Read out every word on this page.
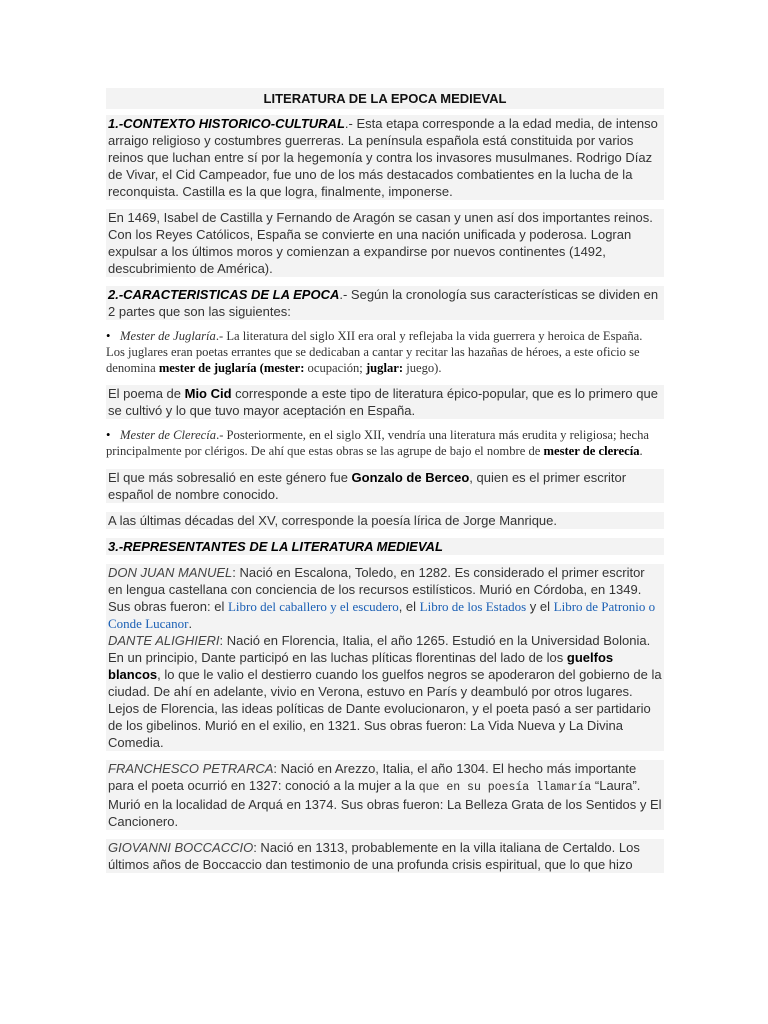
LITERATURA DE LA EPOCA MEDIEVAL
1.-CONTEXTO HISTORICO-CULTURAL.- Esta etapa corresponde a la edad media, de intenso arraigo religioso y costumbres guerreras. La península española está constituida por varios reinos que luchan entre sí por la hegemonía y contra los invasores musulmanes. Rodrigo Díaz de Vivar, el Cid Campeador, fue uno de los más destacados combatientes en la lucha de la reconquista. Castilla es la que logra, finalmente, imponerse.
En 1469, Isabel de Castilla y Fernando de Aragón se casan y unen así dos importantes reinos. Con los Reyes Católicos, España se convierte en una nación unificada y poderosa. Logran expulsar a los últimos moros y comienzan a expandirse por nuevos continentes (1492, descubrimiento de América).
2.-CARACTERISTICAS DE LA EPOCA.- Según la cronología sus características se dividen en 2 partes que son las siguientes:
• Mester de Juglaría.- La literatura del siglo XII era oral y reflejaba la vida guerrera y heroica de España. Los juglares eran poetas errantes que se dedicaban a cantar y recitar las hazañas de héroes, a este oficio se denomina mester de juglaría (mester: ocupación; juglar: juego).
El poema de Mio Cid corresponde a este tipo de literatura épico-popular, que es lo primero que se cultivó y lo que tuvo mayor aceptación en España.
• Mester de Clerecía.- Posteriormente, en el siglo XII, vendría una literatura más erudita y religiosa; hecha principalmente por clérigos. De ahí que estas obras se las agrupe de bajo el nombre de mester de clerecía.
El que más sobresalió en este género fue Gonzalo de Berceo, quien es el primer escritor español de nombre conocido.
A las últimas décadas del XV, corresponde la poesía lírica de Jorge Manrique.
3.-REPRESENTANTES DE LA LITERATURA MEDIEVAL
DON JUAN MANUEL: Nació en Escalona, Toledo, en 1282. Es considerado el primer escritor en lengua castellana con conciencia de los recursos estilísticos. Murió en Córdoba, en 1349. Sus obras fueron: el Libro del caballero y el escudero, el Libro de los Estados y el Libro de Patronio o Conde Lucanor.
DANTE ALIGHIERI: Nació en Florencia, Italia, el año 1265. Estudió en la Universidad Bolonia. En un principio, Dante participó en las luchas plíticas florentinas del lado de los guelfos blancos, lo que le valio el destierro cuando los guelfos negros se apoderaron del gobierno de la ciudad. De ahí en adelante, vivio en Verona, estuvo en París y deambuló por otros lugares. Lejos de Florencia, las ideas políticas de Dante evolucionaron, y el poeta pasó a ser partidario de los gibelinos. Murió en el exilio, en 1321. Sus obras fueron: La Vida Nueva y La Divina Comedia.
FRANCHESCO PETRARCA: Nació en Arezzo, Italia, el año 1304. El hecho más importante para el poeta ocurrió en 1327: conoció a la mujer a la que en su poesía llamaría “Laura”. Murió en la localidad de Arquá en 1374. Sus obras fueron: La Belleza Grata de los Sentidos y El Cancionero.
GIOVANNI BOCCACCIO: Nació en 1313, probablemente en la villa italiana de Certaldo. Los últimos años de Boccaccio dan testimonio de una profunda crisis espiritual, que lo que hizo
